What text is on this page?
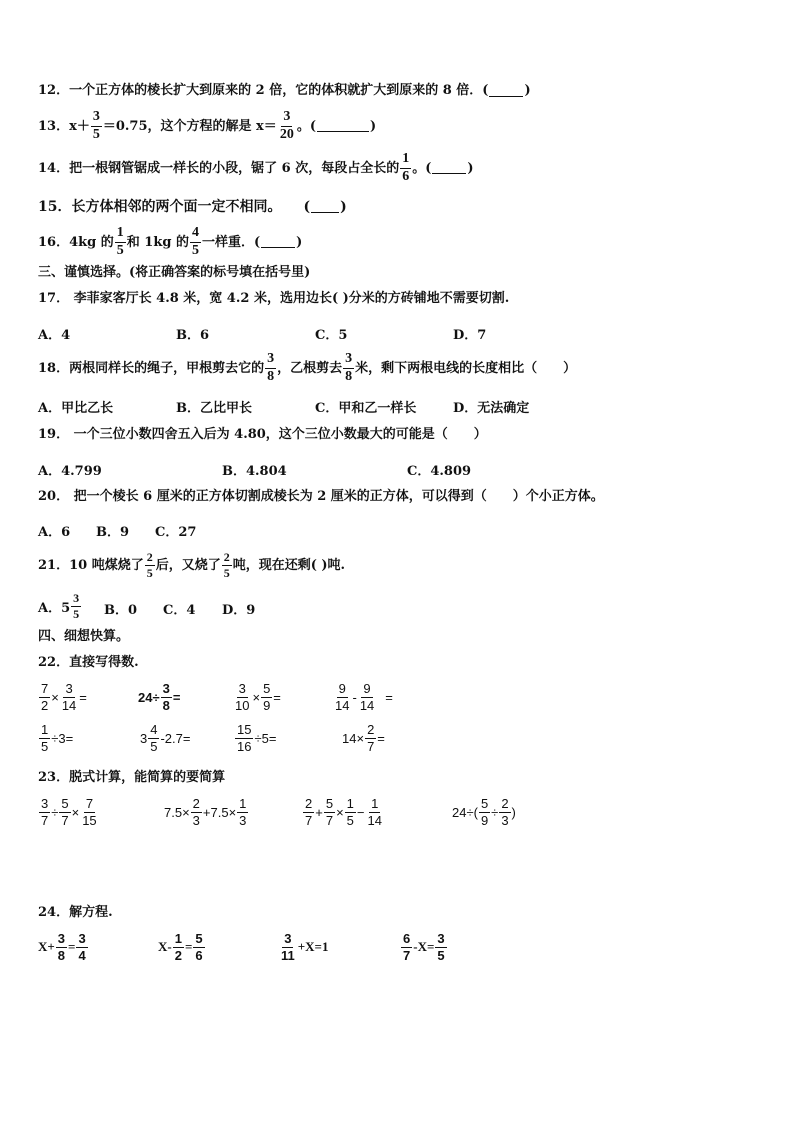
12． 一个正方体的棱长扩大到原来的 2 倍，它的体积就扩大到原来的 8 倍．(	)
13． $x+ \frac{3}{5} =0.75$，这个方程的解是 $x= \frac{3}{20}$ 。(	)
14． 把一根钢管锯成一样长的小段，锯了 6 次，每段占全长的 $\frac{1}{6}$ 。(	)
15． 长方体相邻的两个面一定不相同。 ( )
16． 4kg 的 $\frac{1}{5}$ 和 1kg 的 $\frac{4}{5}$ 一样重．(	)
三、谨慎选择。(将正确答案的标号填在括号里)
17． 李菲家客厅长 4.8 米，宽 4.2 米，选用边长( )分米的方砖铺地不需要切割.
A．4	B．6	C．5	D．7
18． 两根同样长的绳子，甲根剪去它的 $\frac{3}{8}$ ，乙根剪去 $\frac{3}{8}$ 米，剩下两根电线的长度相比（　　）
A．甲比乙长	B．乙比甲长	C．甲和乙一样长	D．无法确定
19． 一个三位小数四舍五入后为 4.80，这个三位小数最大的可能是（　　）
A．4.799	B．4.804	C．4.809
20． 把一个棱长 6 厘米的正方体切割成棱长为 2 厘米的正方体，可以得到（　　）个小正方体。
A．6 B．9 C．27
21． 10 吨煤烧了 $\frac{2}{5}$ 后，又烧了 $\frac{2}{5}$ 吨，现在还剩( )吨.
A．$5 \frac{3}{5}$ B．0 C．4 D．9
四、细想快算。
22．直接写得数.
$\frac{7}{2} \times \frac{3}{14}$ =	$24\div \frac{3}{8}$ =	$\frac{3}{10} \times \frac{5}{9}$ =	$\frac{9}{14} - \frac{9}{14}$ =
$\frac{1}{5} \div 3=$	$3 \frac{4}{5} -2.7=$	$\frac{15}{16} \div 5=$	$14\times \frac{2}{7}$ =
23．脱式计算，能简算的要简算
$\frac{3}{7} \div \frac{5}{7} \times \frac{7}{15}$	$7.5\times \frac{2}{3} +7.5\times \frac{1}{3}$	$\frac{2}{7} + \frac{5}{7} \times \frac{1}{5} - \frac{1}{14}$	$24\div( \frac{5}{9} \div \frac{2}{3}$ )
24．解方程.
$X+ \frac{3}{8} = \frac{3}{4}$	$X- \frac{1}{2} = \frac{5}{6}$	$\frac{3}{11} +X=1$	$\frac{6}{7} -X= \frac{3}{5}$
